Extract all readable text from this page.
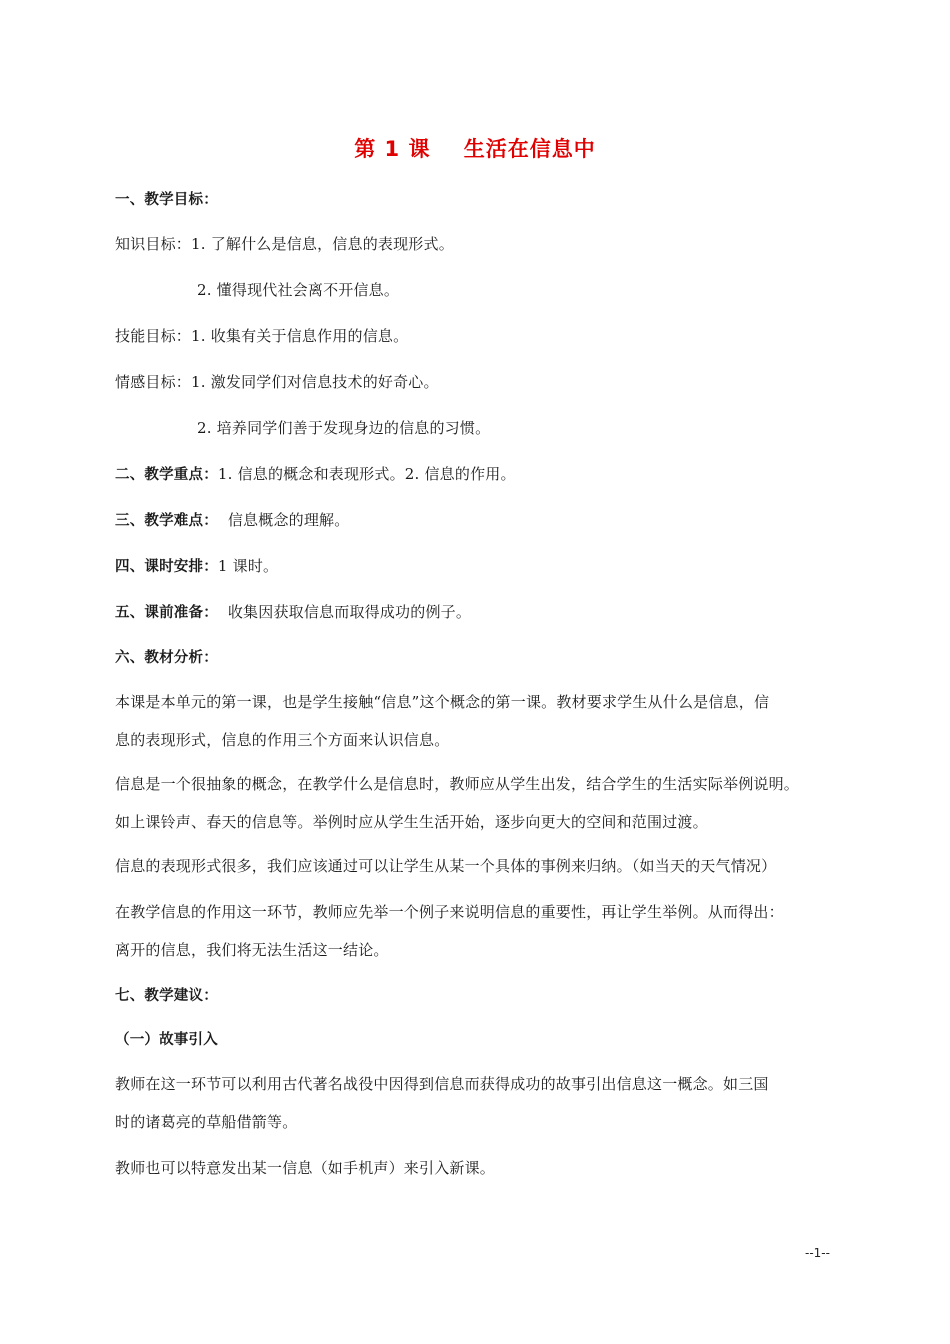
第 1 课    生活在信息中
一、教学目标：
知识目标：1. 了解什么是信息，信息的表现形式。
2. 懂得现代社会离不开信息。
技能目标：1. 收集有关于信息作用的信息。
情感目标：1. 激发同学们对信息技术的好奇心。
2. 培养同学们善于发现身边的信息的习惯。
二、教学重点：1. 信息的概念和表现形式。2. 信息的作用。
三、教学难点：  信息概念的理解。
四、课时安排：1 课时。
五、课前准备：  收集因获取信息而取得成功的例子。
六、教材分析：
本课是本单元的第一课，也是学生接触“信息”这个概念的第一课。教材要求学生从什么是信息，信
息的表现形式，信息的作用三个方面来认识信息。
信息是一个很抽象的概念，在教学什么是信息时，教师应从学生出发，结合学生的生活实际举例说明。
如上课铃声、春天的信息等。举例时应从学生生活开始，逐步向更大的空间和范围过渡。
信息的表现形式很多，我们应该通过可以让学生从某一个具体的事例来归纳。（如当天的天气情况）
在教学信息的作用这一环节，教师应先举一个例子来说明信息的重要性，再让学生举例。从而得出：
离开的信息，我们将无法生活这一结论。
七、教学建议：
（一）故事引入
教师在这一环节可以利用古代著名战役中因得到信息而获得成功的故事引出信息这一概念。如三国
时的诸葛亮的草船借箭等。
教师也可以特意发出某一信息（如手机声）来引入新课。
--1--
